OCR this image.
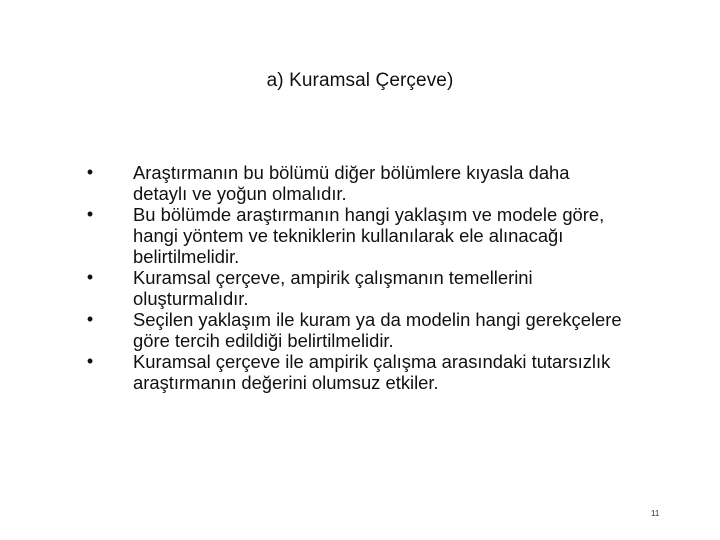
a) Kuramsal Çerçeve)
• Araştırmanın bu bölümü diğer bölümlere kıyasla daha
detaylı ve yoğun olmalıdır.
• Bu bölümde araştırmanın hangi yaklaşım ve modele göre,
hangi yöntem ve tekniklerin kullanılarak ele alınacağı
belirtilmelidir.
• Kuramsal çerçeve, ampirik çalışmanın temellerini
oluşturmalıdır.
• Seçilen yaklaşım ile kuram ya da modelin hangi gerekçelere
göre tercih edildiği belirtilmelidir.
• Kuramsal çerçeve ile ampirik çalışma arasındaki tutarsızlık
araştırmanın değerini olumsuz etkiler.
11
